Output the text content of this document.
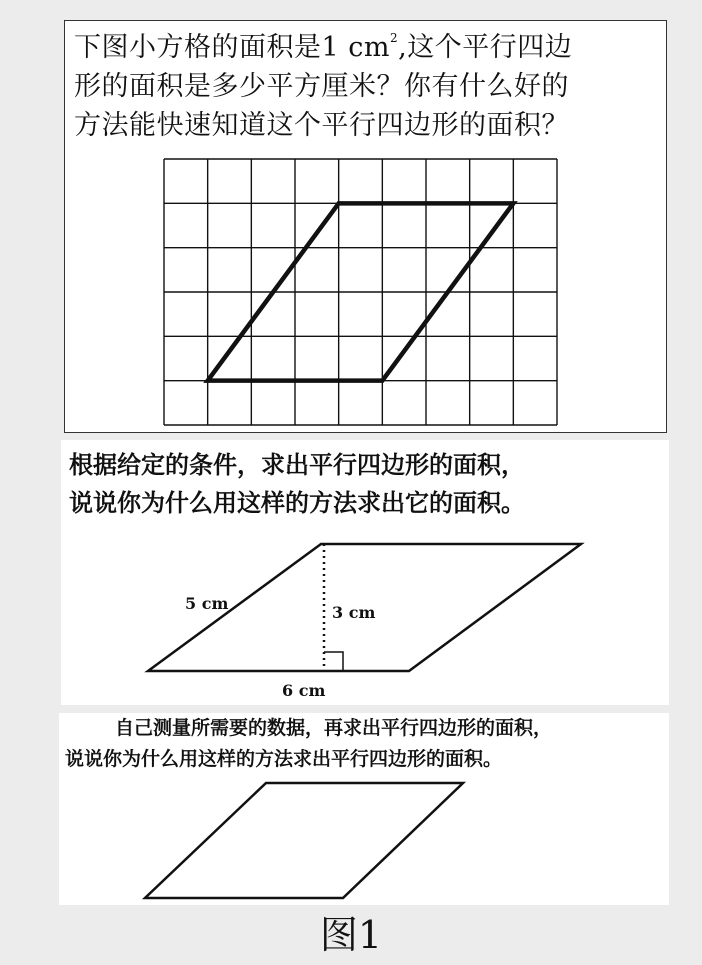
下图小方格的面积是1 $cm^2$,这个平行四边
形的面积是多少平方厘米？你有什么好的
方法能快速知道这个平行四边形的面积？
根据给定的条件，求出平行四边形的面积，
说说你为什么用这样的方法求出它的面积。
5 cm	3 cm
6 cm
自己测量所需要的数据，再求出平行四边形的面积，
说说你为什么用这样的方法求出平行四边形的面积。
图1
